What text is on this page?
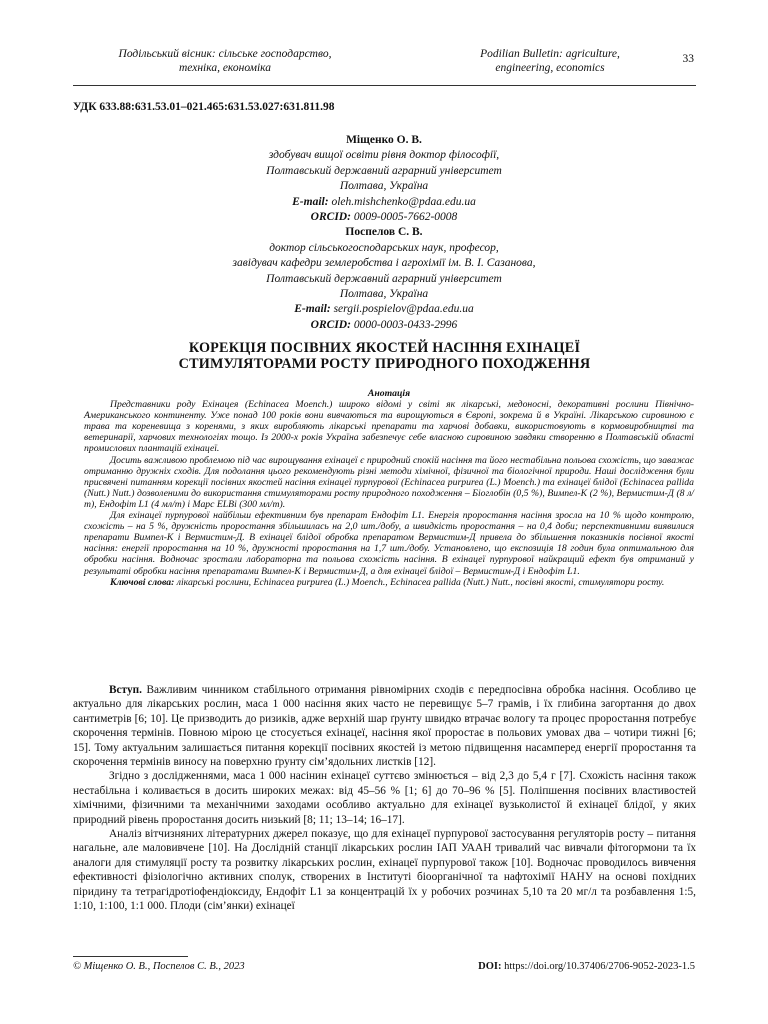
Подільський вісник: сільське господарство,
техніка, економіка
Podilian Bulletin: agriculture,
engineering, economics
33
УДК 633.88:631.53.01–021.465:631.53.027:631.811.98
Міщенко О. В.
здобувач вищої освіти рівня доктор філософії,
Полтавський державний аграрний університет
Полтава, Україна
E-mail: oleh.mishchenko@pdaa.edu.ua
ORCID: 0009-0005-7662-0008
Поспелов С. В.
доктор сільськогосподарських наук, професор,
завідувач кафедри землеробства і агрохімії ім. В. І. Сазанова,
Полтавський державний аграрний університет
Полтава, Україна
E-mail: sergii.pospielov@pdaa.edu.ua
ORCID: 0000-0003-0433-2996
КОРЕКЦІЯ ПОСІВНИХ ЯКОСТЕЙ НАСІННЯ ЕХІНАЦЕЇ
СТИМУЛЯТОРАМИ РОСТУ ПРИРОДНОГО ПОХОДЖЕННЯ
Анотація

Представники роду Ехінацея (Echinacea Moench.) широко відомі у світі як лікарські, медоносні, декоративні рослини Північно-Американського континенту. Уже понад 100 років вони вивчаються та вирощуються в Європі, зокрема й в Україні. Лікарською сировиною є трава та кореневища з коренями, з яких виробляють лікарські препарати та харчові добавки, використовують в кормовиробництві та ветеринарії, харчових технологіях тощо. Із 2000-х років Україна забезпечує себе власною сировиною завдяки створенню в Полтавській області промислових плантацій ехінацеї.

Досить важливою проблемою під час вирощування ехінацеї є природний спокій насіння та його нестабільна польова схожість, що заважає отриманню дружніх сходів. Для подолання цього рекомендують різні методи хімічної, фізичної та біологічної природи. Наші дослідження були присвячені питанням корекції посівних якостей насіння ехінацеї пурпурової (Echinacea purpurea (L.) Moench.) та ехінацеї блідої (Echinacea pallida (Nutt.) Nutt.) дозволеними до використання стимуляторами росту природного походження – Біоглобін (0,5 %), Вимпел-К (2 %), Вермистим-Д (8 л/т), Ендофіт L1 (4 мл/т) і Марс ELВі (300 мл/т).

Для ехінацеї пурпурової найбільш ефективним був препарат Ендофіт L1. Енергія проростання насіння зросла на 10 % щодо контролю, схожість – на 5 %, дружність проростання збільшилась на 2,0 шт./добу, а швидкість проростання – на 0,4 доби; перспективними виявилися препарати Вимпел-К і Вермистим-Д. В ехінацеї блідої обробка препаратом Вермистим-Д привела до збільшення показників посівної якості насіння: енергії проростання на 10 %, дружності проростання на 1,7 шт./добу. Установлено, що експозиція 18 годин була оптимальною для обробки насіння. Водночас зростали лабораторна та польова схожість насіння. В ехінацеї пурпурової найкращий ефект був отриманий у результаті обробки насіння препаратами Вимпел-К і Вермистим-Д, а для ехінацеї блідої – Вермистим-Д і Ендофіт L1.

Ключові слова: лікарські рослини, Echinacea purpurea (L.) Moench., Echinacea pallida (Nutt.) Nutt., посівні якості, стимулятори росту.

Вступ. Важливим чинником стабільного отримання рівномірних сходів є передпосівна обробка насіння. Особливо це актуально для лікарських рослин, маса 1 000 насіння яких часто не перевищує 5–7 грамів, і їх глибина загортання до двох сантиметрів [6; 10]. Це призводить до ризиків, адже верхній шар ґрунту швидко втрачає вологу та процес проростання потребує скорочення термінів. Повною мірою це стосується ехінацеї, насіння якої проростає в польових умовах два – чотири тижні [6; 15]. Тому актуальним залишається питання корекції посівних якостей із метою підвищення насамперед енергії проростання та скорочення термінів виносу на поверхню ґрунту сім’ядольних листків [12].

Згідно з дослідженнями, маса 1 000 насінин ехінацеї суттєво змінюється – від 2,3 до 5,4 г [7]. Схожість насіння також нестабільна і коливається в досить широких межах: від 45–56 % [1; 6] до 70–96 % [5]. Поліпшення посівних властивостей хімічними, фізичними та механічними заходами особливо актуально для ехінацеї вузьколистої й ехінацеї блідої, у яких природний рівень проростання досить низький [8; 11; 13–14; 16–17].

Аналіз вітчизняних літературних джерел показує, що для ехінацеї пурпурової застосування регуляторів росту – питання нагальне, але маловивчене [10]. На Дослідній станції лікарських рослин ІАП УААН тривалий час вивчали фітогормони та їх аналоги для стимуляції росту та розвитку лікарських рослин, ехінацеї пурпурової також [10]. Водночас проводилось вивчення ефективності фізіологічно активних сполук, створених в Інституті біоорганічної та нафтохімії НАНУ на основі похідних піридину та тетрагідротіофендіоксиду, Ендофіт L1 за концентрацій їх у робочих розчинах 5,10 та 20 мг/л та розбавлення 1:5, 1:10, 1:100, 1:1 000. Плоди (сім’янки) ехінацеї

© Міщенко О. В., Поспелов С. В., 2023	DOI: https://doi.org/10.37406/2706-9052-2023-1.5
